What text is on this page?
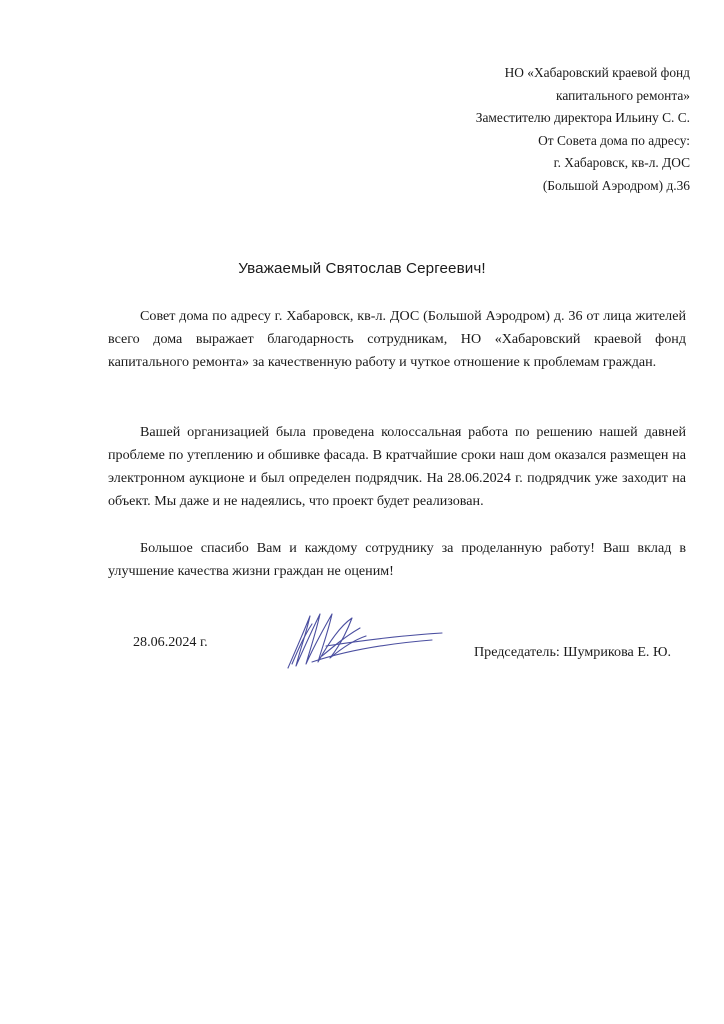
НО «Хабаровский краевой фонд
капитального ремонта»
Заместителю директора Ильину С. С.
От Совета дома по адресу:
г. Хабаровск, кв-л. ДОС
(Большой Аэродром) д.36
Уважаемый Святослав Сергеевич!

Совет дома по адресу г. Хабаровск, кв-л. ДОС (Большой Аэродром) д. 36 от лица жителей всего дома выражает благодарность сотрудникам, НО «Хабаровский краевой фонд капитального ремонта» за качественную работу и чуткое отношение к проблемам граждан.

Вашей организацией была проведена колоссальная работа по решению нашей давней проблеме по утеплению и обшивке фасада. В кратчайшие сроки наш дом оказался размещен на электронном аукционе и был определен подрядчик. На 28.06.2024 г. подрядчик уже заходит на объект. Мы даже и не надеялись, что проект будет реализован.

Большое спасибо Вам и каждому сотруднику за проделанную работу! Ваш вклад в улучшение качества жизни граждан не оценим!

28.06.2024 г.
Председатель: Шумрикова Е. Ю.
